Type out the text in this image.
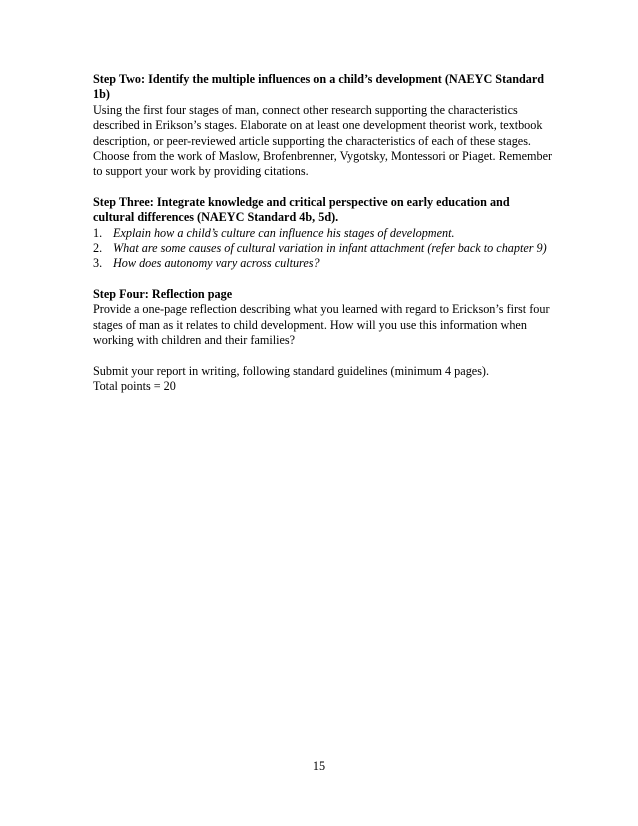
Step Two: Identify the multiple influences on a child’s development (NAEYC Standard 1b)

Using the first four stages of man, connect other research supporting the characteristics described in Erikson’s stages. Elaborate on at least one development theorist work, textbook description, or peer-reviewed article supporting the characteristics of each of these stages. Choose from the work of Maslow, Brofenbrenner, Vygotsky, Montessori or Piaget. Remember to support your work by providing citations.

Step Three: Integrate knowledge and critical perspective on early education and cultural differences (NAEYC Standard 4b, 5d).

1. Explain how a child’s culture can influence his stages of development.
2. What are some causes of cultural variation in infant attachment (refer back to chapter 9)
3. How does autonomy vary across cultures?

Step Four: Reflection page

Provide a one-page reflection describing what you learned with regard to Erickson’s first four stages of man as it relates to child development. How will you use this information when working with children and their families?

Submit your report in writing, following standard guidelines (minimum 4 pages).

Total points = 20

15
